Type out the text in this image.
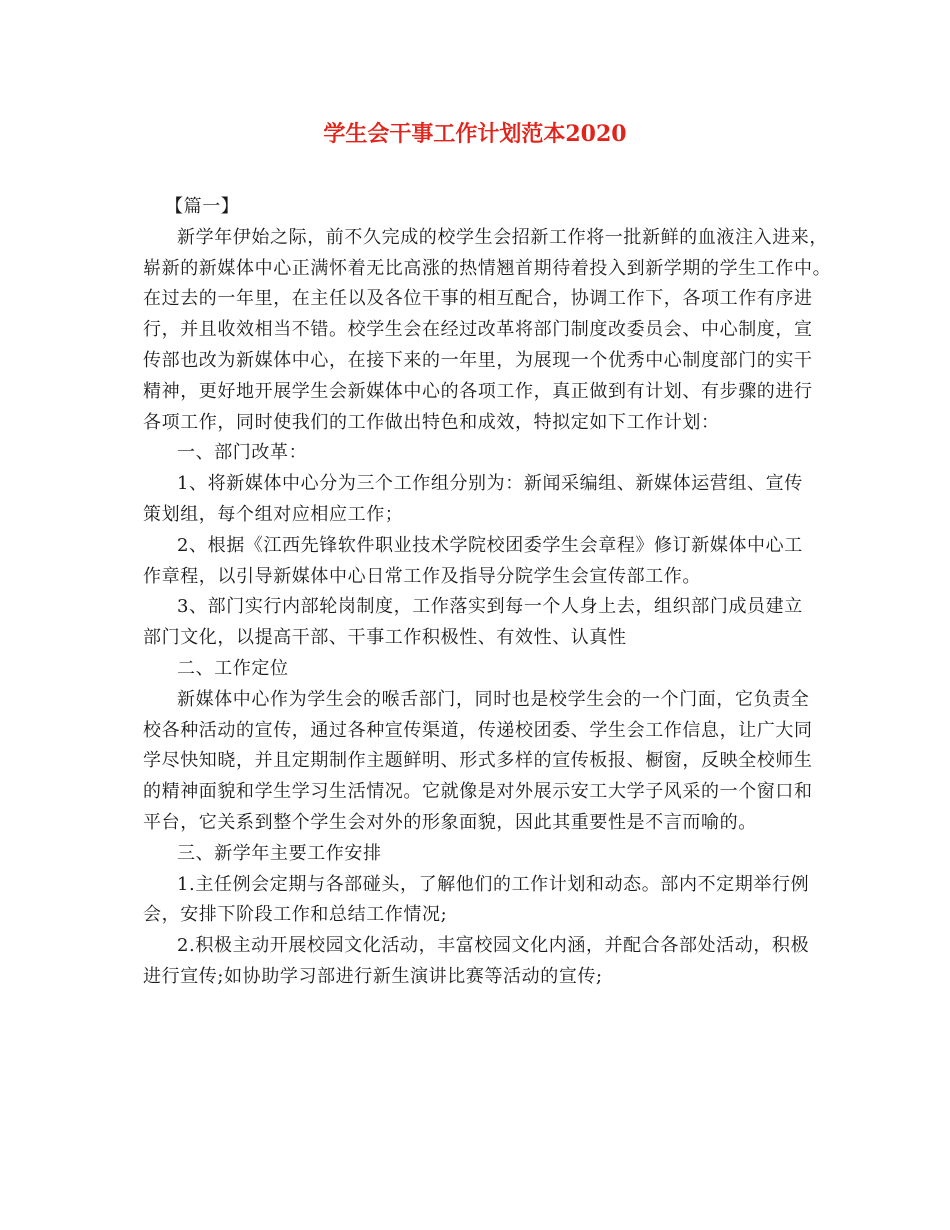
学生会干事工作计划范本2020
【篇一】
新学年伊始之际，前不久完成的校学生会招新工作将一批新鲜的血液注入进来，
崭新的新媒体中心正满怀着无比高涨的热情翘首期待着投入到新学期的学生工作中。
在过去的一年里，在主任以及各位干事的相互配合，协调工作下，各项工作有序进
行，并且收效相当不错。校学生会在经过改革将部门制度改委员会、中心制度，宣
传部也改为新媒体中心，在接下来的一年里，为展现一个优秀中心制度部门的实干
精神，更好地开展学生会新媒体中心的各项工作，真正做到有计划、有步骤的进行
各项工作，同时使我们的工作做出特色和成效，特拟定如下工作计划：
一、部门改革：
1、将新媒体中心分为三个工作组分别为：新闻采编组、新媒体运营组、宣传
策划组，每个组对应相应工作；
2、根据《江西先锋软件职业技术学院校团委学生会章程》修订新媒体中心工
作章程，以引导新媒体中心日常工作及指导分院学生会宣传部工作。
3、部门实行内部轮岗制度，工作落实到每一个人身上去，组织部门成员建立
部门文化，以提高干部、干事工作积极性、有效性、认真性
二、工作定位
新媒体中心作为学生会的喉舌部门，同时也是校学生会的一个门面，它负责全
校各种活动的宣传，通过各种宣传渠道，传递校团委、学生会工作信息，让广大同
学尽快知晓，并且定期制作主题鲜明、形式多样的宣传板报、橱窗，反映全校师生
的精神面貌和学生学习生活情况。它就像是对外展示安工大学子风采的一个窗口和
平台，它关系到整个学生会对外的形象面貌，因此其重要性是不言而喻的。
三、新学年主要工作安排
1.主任例会定期与各部碰头，了解他们的工作计划和动态。部内不定期举行例
会，安排下阶段工作和总结工作情况;
2.积极主动开展校园文化活动，丰富校园文化内涵，并配合各部处活动，积极
进行宣传;如协助学习部进行新生演讲比赛等活动的宣传;
